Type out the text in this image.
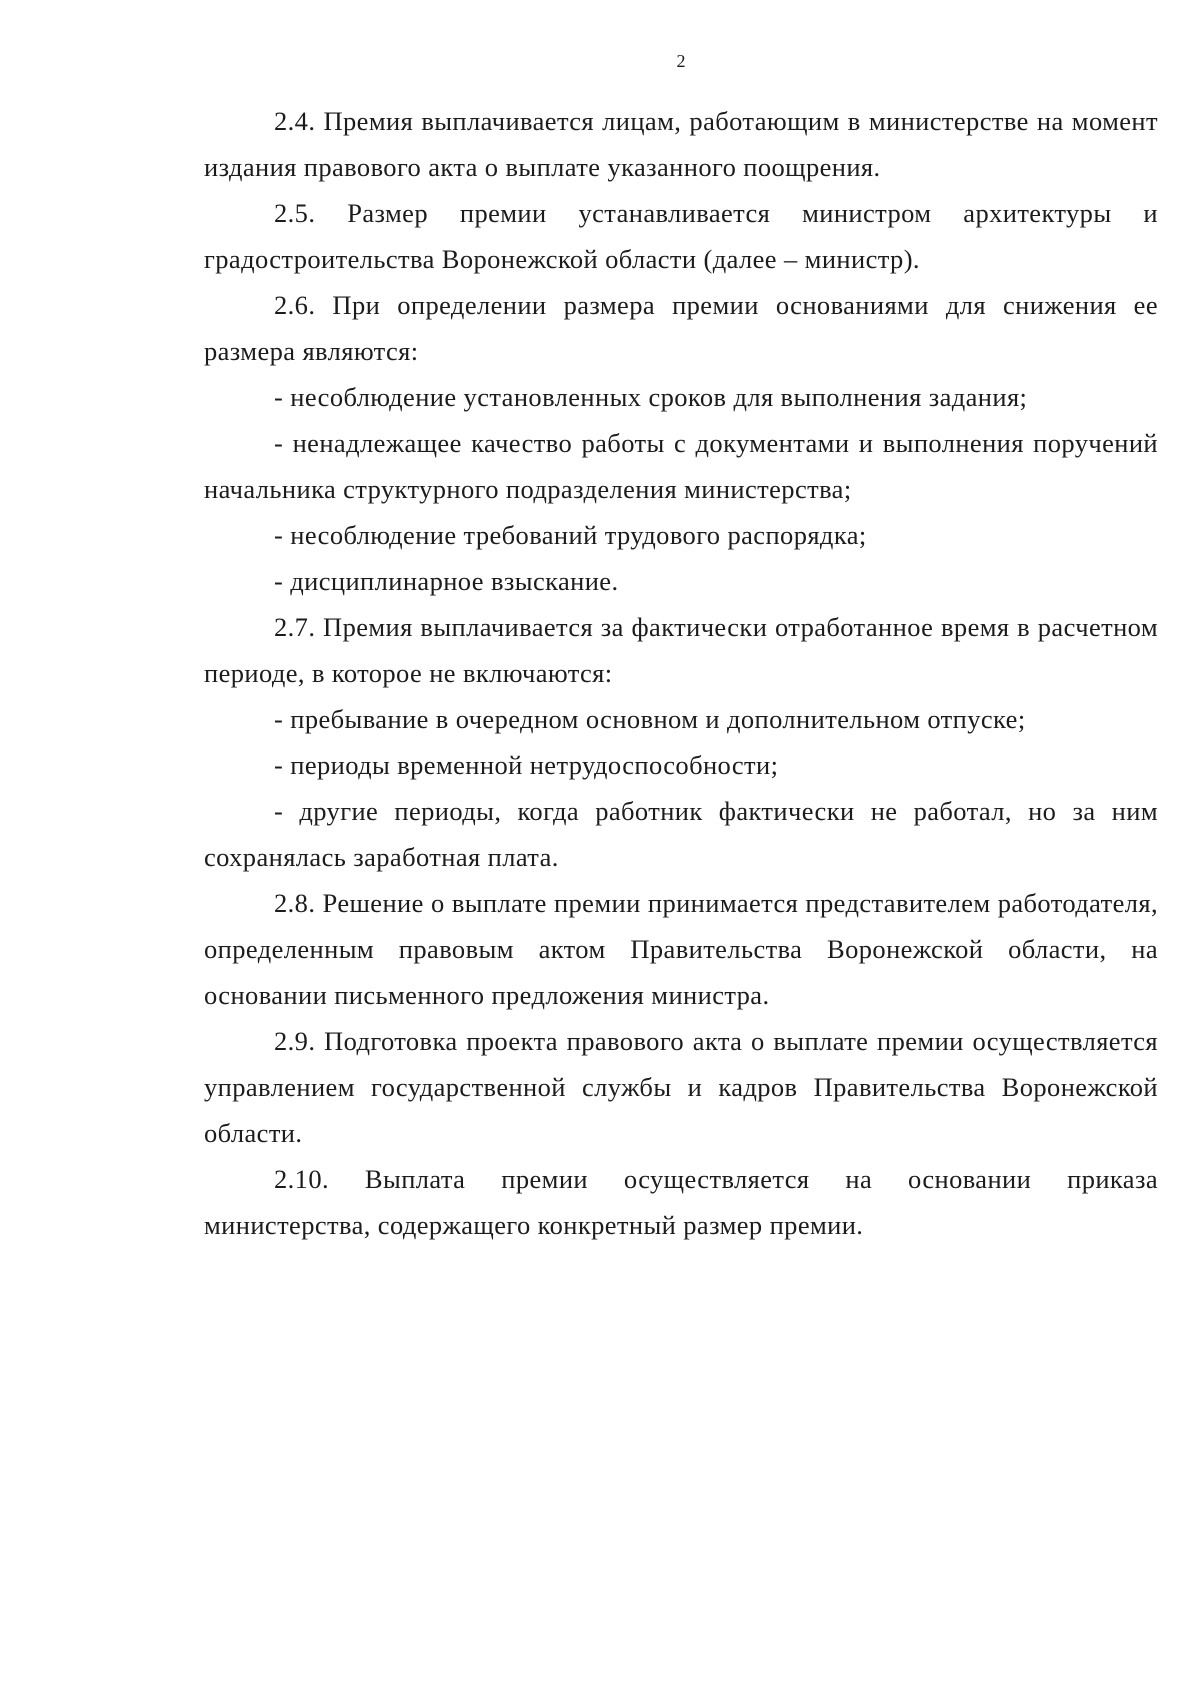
2

2.4. Премия выплачивается лицам, работающим в министерстве на момент издания правового акта о выплате указанного поощрения.

2.5. Размер премии устанавливается министром архитектуры и градостроительства Воронежской области (далее – министр).

2.6. При определении размера премии основаниями для снижения ее размера являются:

- несоблюдение установленных сроков для выполнения задания;

- ненадлежащее качество работы с документами и выполнения поручений начальника структурного подразделения министерства;

- несоблюдение требований трудового распорядка;

- дисциплинарное взыскание.

2.7. Премия выплачивается за фактически отработанное время в расчетном периоде, в которое не включаются:

- пребывание в очередном основном и дополнительном отпуске;

- периоды временной нетрудоспособности;

- другие периоды, когда работник фактически не работал, но за ним сохранялась заработная плата.

2.8. Решение о выплате премии принимается представителем работодателя, определенным правовым актом Правительства Воронежской области, на основании письменного предложения министра.

2.9. Подготовка проекта правового акта о выплате премии осуществляется управлением государственной службы и кадров Правительства Воронежской области.

2.10. Выплата премии осуществляется на основании приказа министерства, содержащего конкретный размер премии.
